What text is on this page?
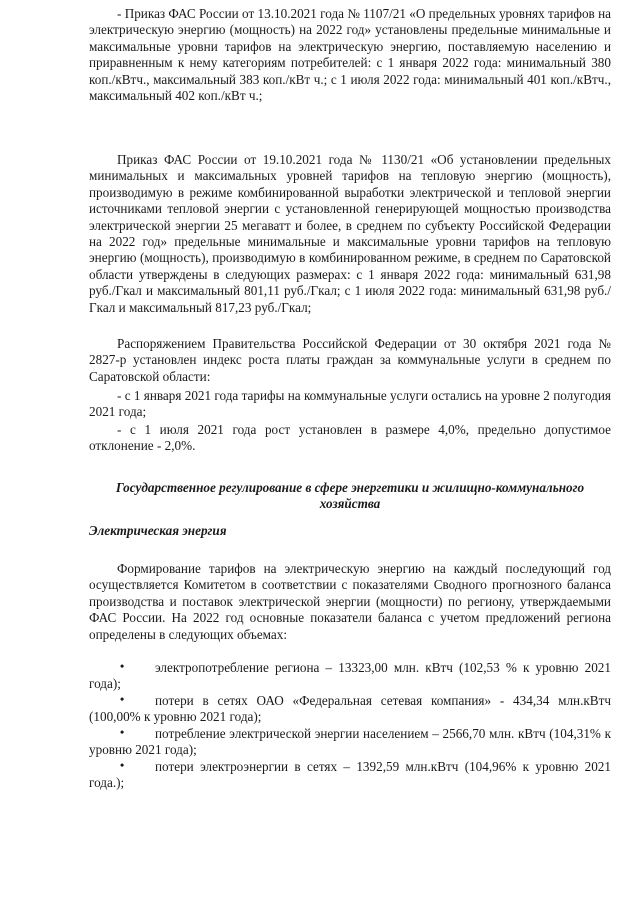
- Приказ ФАС России от 13.10.2021 года № 1107/21 «О предельных уровнях тарифов на электрическую энергию (мощность) на 2022 год» установлены предельные минимальные и максимальные уровни тарифов на электрическую энергию, поставляемую населению и приравненным к нему категориям потребителей: с 1 января 2022 года: минимальный 380 коп./кВтч., максимальный 383 коп./кВт ч.; с 1 июля 2022 года: минимальный 401 коп./кВтч., максимальный 402 коп./кВт ч.;

Приказ ФАС России от 19.10.2021 года № 1130/21 «Об установлении предельных минимальных и максимальных уровней тарифов на тепловую энергию (мощность), производимую в режиме комбинированной выработки электрической и тепловой энергии источниками тепловой энергии с установленной генерирующей мощностью производства электрической энергии 25 мегаватт и более, в среднем по субъекту Российской Федерации на 2022 год» предельные минимальные и максимальные уровни тарифов на тепловую энергию (мощность), производимую в комбинированном режиме, в среднем по Саратовской области утверждены в следующих размерах: с 1 января 2022 года: минимальный 631,98 руб./Гкал и максимальный 801,11 руб./Гкал; с 1 июля 2022 года: минимальный 631,98 руб./Гкал и максимальный 817,23 руб./Гкал;

Распоряжением Правительства Российской Федерации от 30 октября 2021 года № 2827-р установлен индекс роста платы граждан за коммунальные услуги в среднем по Саратовской области:

- с 1 января 2021 года тарифы на коммунальные услуги остались на уровне 2 полугодия 2021 года;

- с 1 июля 2021 года рост установлен в размере 4,0%, предельно допустимое отклонение - 2,0%.

Государственное регулирование в сфере энергетики и жилищно-коммунального хозяйства

Электрическая энергия

Формирование тарифов на электрическую энергию на каждый последующий год осуществляется Комитетом в соответствии с показателями Сводного прогнозного баланса производства и поставок электрической энергии (мощности) по региону, утверждаемыми ФАС России. На 2022 год основные показатели баланса с учетом предложений региона определены в следующих объемах:

•	электропотребление региона – 13323,00 млн. кВтч (102,53 % к уровню 2021 года);

•	потери в сетях ОАО «Федеральная сетевая компания» - 434,34 млн.кВтч (100,00% к уровню 2021 года);

•	потребление электрической энергии населением – 2566,70 млн. кВтч (104,31% к уровню 2021 года);

•	потери электроэнергии в сетях – 1392,59 млн.кВтч (104,96% к уровню 2021 года.);
